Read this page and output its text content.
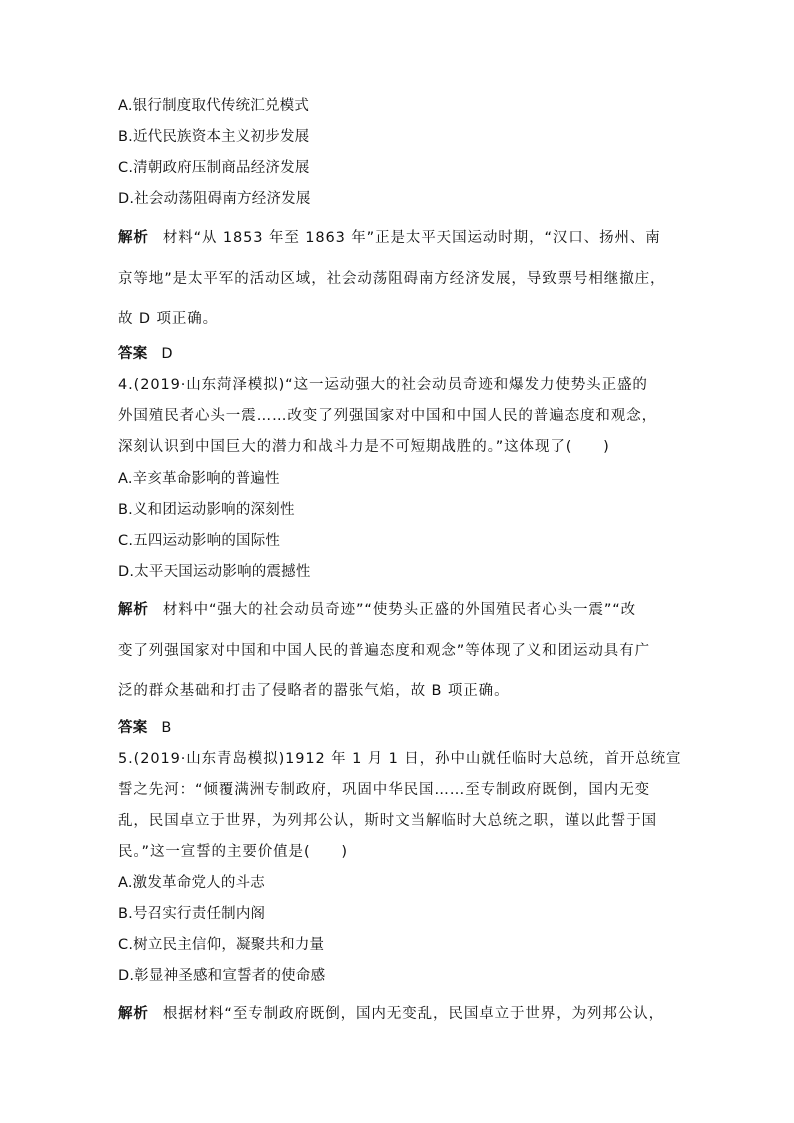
A.银行制度取代传统汇兑模式
B.近代民族资本主义初步发展
C.清朝政府压制商品经济发展
D.社会动荡阻碍南方经济发展
解析 材料“从 1853 年至 1863 年”正是太平天国运动时期，“汉口、扬州、南
京等地”是太平军的活动区域，社会动荡阻碍南方经济发展，导致票号相继撤庄，
故 D 项正确。
答案 D
4.(2019·山东菏泽模拟)“这一运动强大的社会动员奇迹和爆发力使势头正盛的
外国殖民者心头一震……改变了列强国家对中国和中国人民的普遍态度和观念，
深刻认识到中国巨大的潜力和战斗力是不可短期战胜的。”这体现了(　　)
A.辛亥革命影响的普遍性
B.义和团运动影响的深刻性
C.五四运动影响的国际性
D.太平天国运动影响的震撼性
解析 材料中“强大的社会动员奇迹”“使势头正盛的外国殖民者心头一震”“改
变了列强国家对中国和中国人民的普遍态度和观念”等体现了义和团运动具有广
泛的群众基础和打击了侵略者的嚣张气焰，故 B 项正确。
答案 B
5.(2019·山东青岛模拟)1912 年 1 月 1 日，孙中山就任临时大总统，首开总统宣
誓之先河：“倾覆满洲专制政府，巩固中华民国……至专制政府既倒，国内无变
乱，民国卓立于世界，为列邦公认，斯时文当解临时大总统之职，谨以此誓于国
民。”这一宣誓的主要价值是(　　)
A.激发革命党人的斗志
B.号召实行责任制内阁
C.树立民主信仰，凝聚共和力量
D.彰显神圣感和宣誓者的使命感
解析 根据材料“至专制政府既倒，国内无变乱，民国卓立于世界，为列邦公认，
